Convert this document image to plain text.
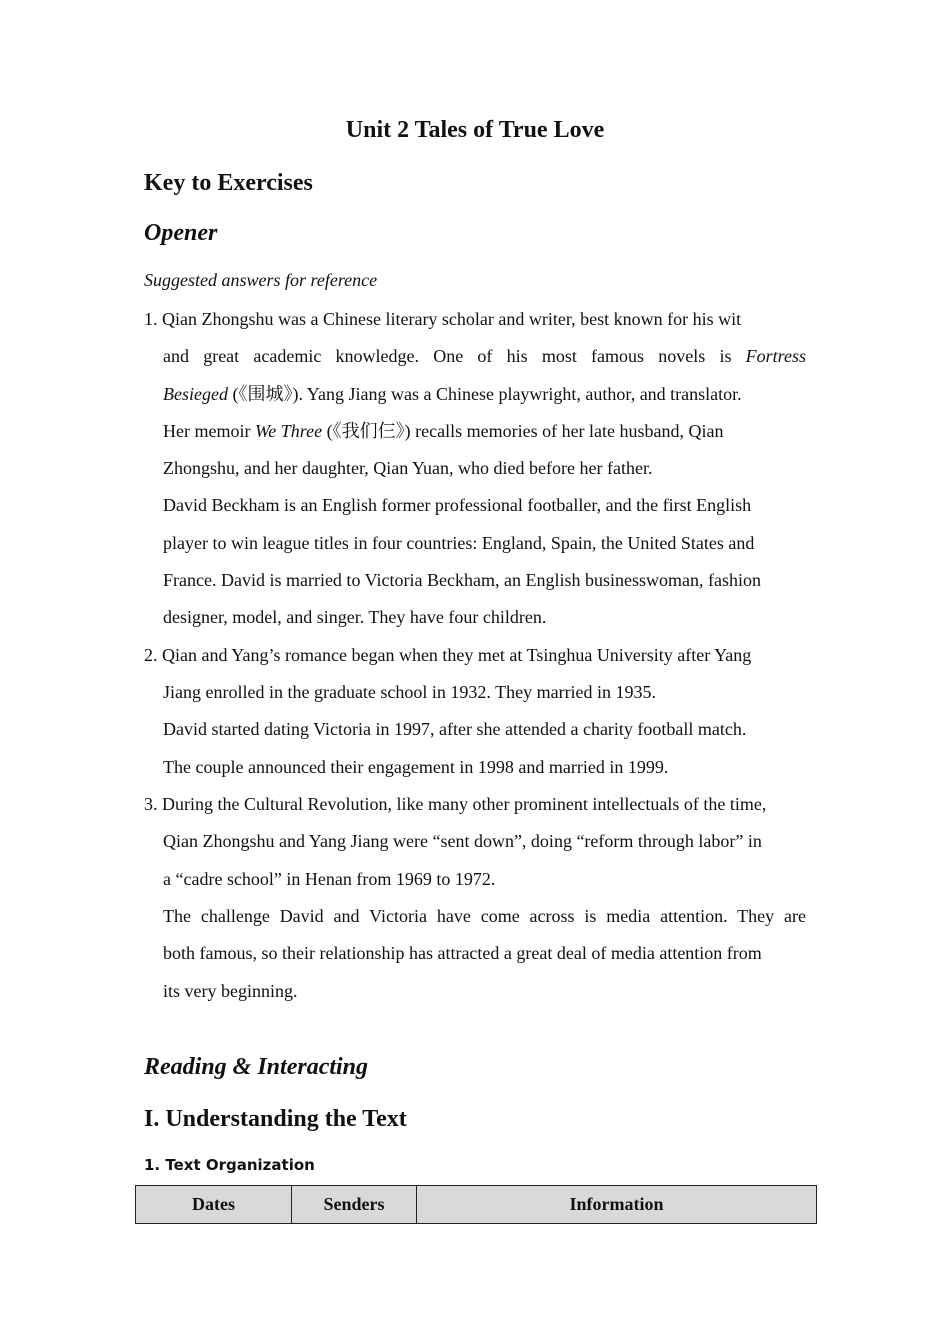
Unit 2 Tales of True Love
Key to Exercises
Opener
Suggested answers for reference
1. Qian Zhongshu was a Chinese literary scholar and writer, best known for his wit
and great academic knowledge. One of his most famous novels is Fortress
Besieged (《围城》). Yang Jiang was a Chinese playwright, author, and translator.
Her memoir We Three (《我们仨》) recalls memories of her late husband, Qian
Zhongshu, and her daughter, Qian Yuan, who died before her father.
David Beckham is an English former professional footballer, and the first English
player to win league titles in four countries: England, Spain, the United States and
France. David is married to Victoria Beckham, an English businesswoman, fashion
designer, model, and singer. They have four children.
2. Qian and Yang’s romance began when they met at Tsinghua University after Yang
Jiang enrolled in the graduate school in 1932. They married in 1935.
David started dating Victoria in 1997, after she attended a charity football match.
The couple announced their engagement in 1998 and married in 1999.
3. During the Cultural Revolution, like many other prominent intellectuals of the time,
Qian Zhongshu and Yang Jiang were “sent down”, doing “reform through labor” in
a “cadre school” in Henan from 1969 to 1972.
The challenge David and Victoria have come across is media attention. They are
both famous, so their relationship has attracted a great deal of media attention from
its very beginning.
Reading & Interacting
I. Understanding the Text
1. Text Organization
Dates	Senders	Information
